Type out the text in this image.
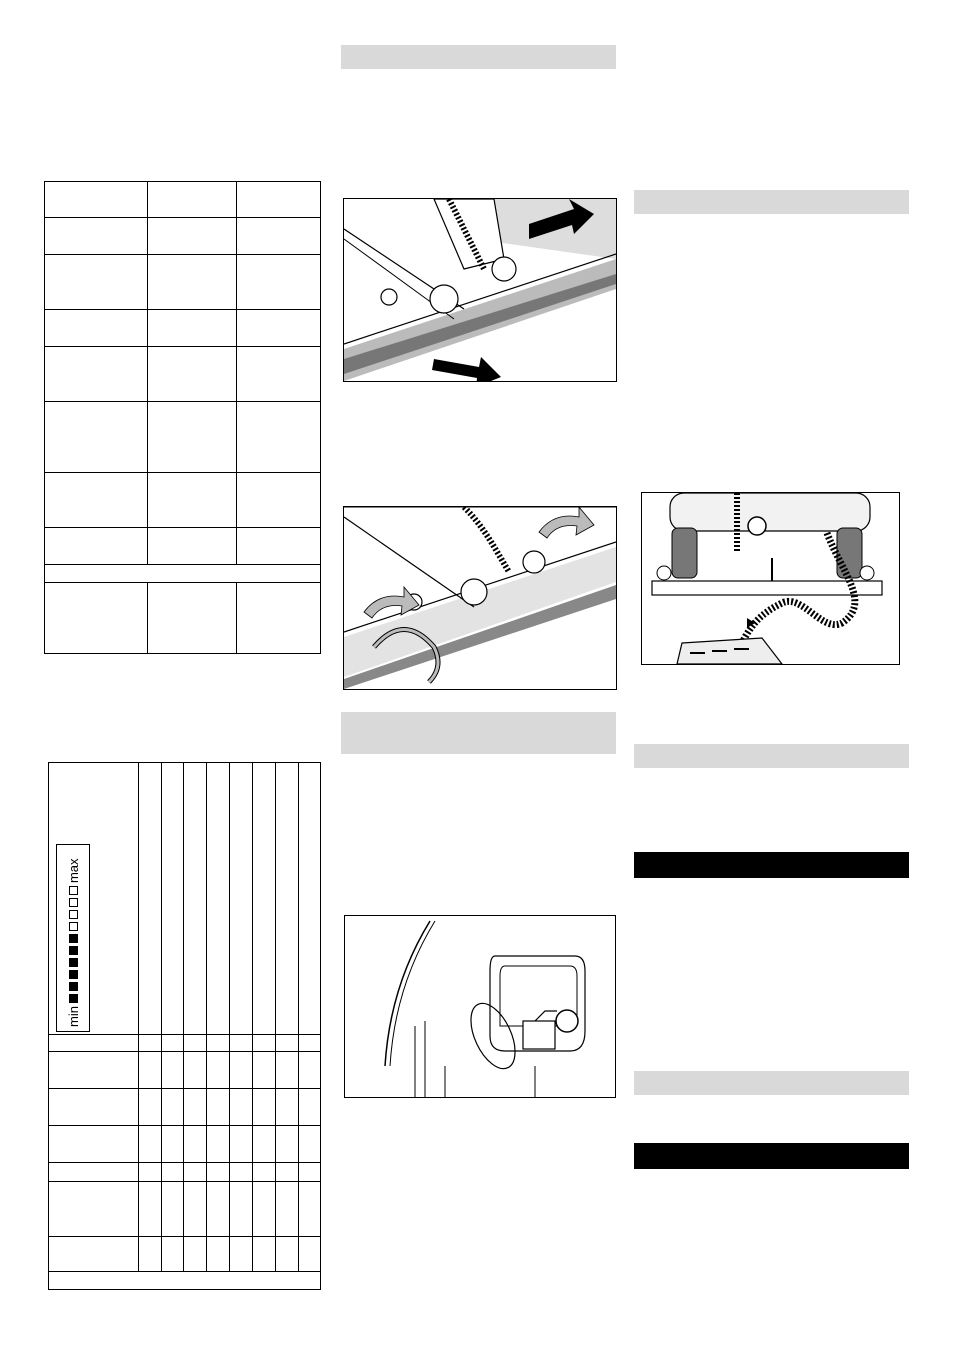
min
max
